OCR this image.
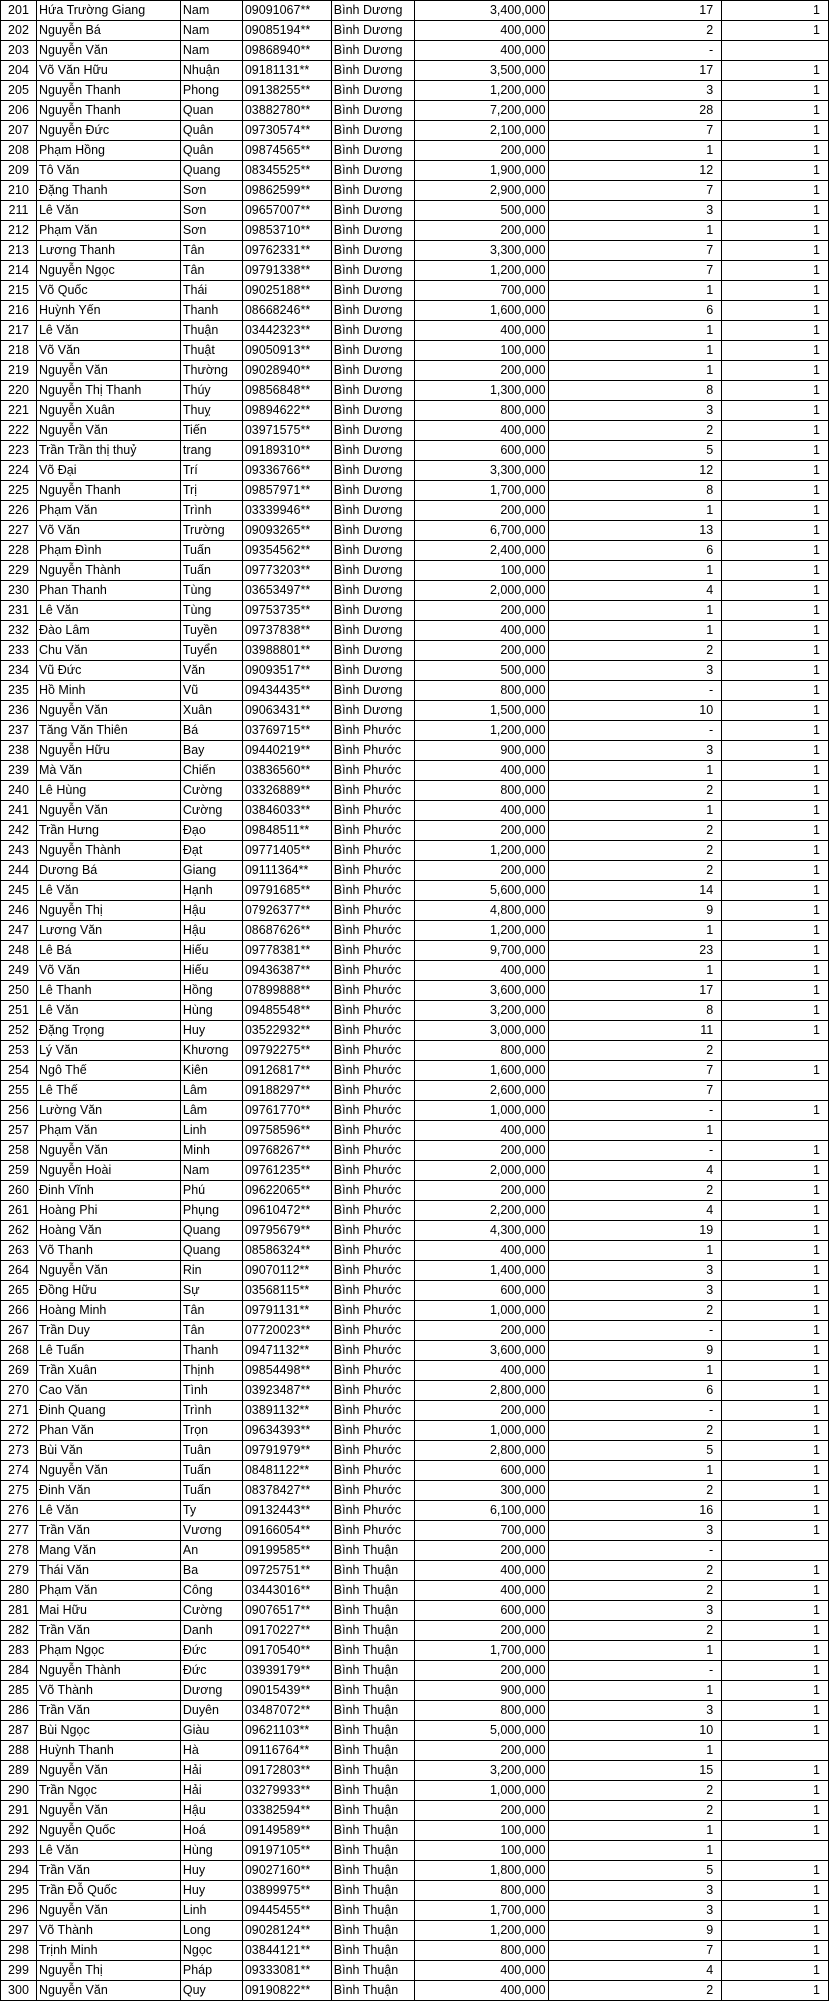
201	Hứa Trường Giang	Nam	09091067**	Bình Dương	3,400,000	17	1
202	Nguyễn Bá	Nam	09085194**	Bình Dương	400,000	2	1
203	Nguyễn Văn	Nam	09868940**	Bình Dương	400,000	-	
204	Võ Văn Hữu	Nhuận	09181131**	Bình Dương	3,500,000	17	1
205	Nguyễn Thanh	Phong	09138255**	Bình Dương	1,200,000	3	1
206	Nguyễn Thanh	Quan	03882780**	Bình Dương	7,200,000	28	1
207	Nguyễn Đức	Quân	09730574**	Bình Dương	2,100,000	7	1
208	Phạm Hồng	Quân	09874565**	Bình Dương	200,000	1	1
209	Tô Văn	Quang	08345525**	Bình Dương	1,900,000	12	1
210	Đặng Thanh	Sơn	09862599**	Bình Dương	2,900,000	7	1
211	Lê Văn	Sơn	09657007**	Bình Dương	500,000	3	1
212	Phạm Văn	Sơn	09853710**	Bình Dương	200,000	1	1
213	Lương Thanh	Tân	09762331**	Bình Dương	3,300,000	7	1
214	Nguyễn Ngọc	Tân	09791338**	Bình Dương	1,200,000	7	1
215	Võ Quốc	Thái	09025188**	Bình Dương	700,000	1	1
216	Huỳnh Yến	Thanh	08668246**	Bình Dương	1,600,000	6	1
217	Lê Văn	Thuận	03442323**	Bình Dương	400,000	1	1
218	Võ Văn	Thuật	09050913**	Bình Dương	100,000	1	1
219	Nguyễn Văn	Thường	09028940**	Bình Dương	200,000	1	1
220	Nguyễn Thị Thanh	Thúy	09856848**	Bình Dương	1,300,000	8	1
221	Nguyễn Xuân	Thuỵ	09894622**	Bình Dương	800,000	3	1
222	Nguyễn Văn	Tiến	03971575**	Bình Dương	400,000	2	1
223	Trần Trần thị thuỷ	trang	09189310**	Bình Dương	600,000	5	1
224	Võ Đại	Trí	09336766**	Bình Dương	3,300,000	12	1
225	Nguyễn Thanh	Trị	09857971**	Bình Dương	1,700,000	8	1
226	Phạm Văn	Trình	03339946**	Bình Dương	200,000	1	1
227	Võ Văn	Trường	09093265**	Bình Dương	6,700,000	13	1
228	Phạm Đình	Tuấn	09354562**	Bình Dương	2,400,000	6	1
229	Nguyễn Thành	Tuấn	09773203**	Bình Dương	100,000	1	1
230	Phan Thanh	Tùng	03653497**	Bình Dương	2,000,000	4	1
231	Lê Văn	Tùng	09753735**	Bình Dương	200,000	1	1
232	Đào Lâm	Tuyền	09737838**	Bình Dương	400,000	1	1
233	Chu Văn	Tuyển	03988801**	Bình Dương	200,000	2	1
234	Vũ Đức	Văn	09093517**	Bình Dương	500,000	3	1
235	Hồ Minh	Vũ	09434435**	Bình Dương	800,000	-	1
236	Nguyễn Văn	Xuân	09063431**	Bình Dương	1,500,000	10	1
237	Tăng Văn Thiên	Bá	03769715**	Bình Phước	1,200,000	-	1
238	Nguyễn Hữu	Bay	09440219**	Bình Phước	900,000	3	1
239	Mà Văn	Chiến	03836560**	Bình Phước	400,000	1	1
240	Lê Hùng	Cường	03326889**	Bình Phước	800,000	2	1
241	Nguyễn Văn	Cường	03846033**	Bình Phước	400,000	1	1
242	Trần Hưng	Đạo	09848511**	Bình Phước	200,000	2	1
243	Nguyễn Thành	Đạt	09771405**	Bình Phước	1,200,000	2	1
244	Dương Bá	Giang	09111364**	Bình Phước	200,000	2	1
245	Lê Văn	Hạnh	09791685**	Bình Phước	5,600,000	14	1
246	Nguyễn Thị	Hậu	07926377**	Bình Phước	4,800,000	9	1
247	Lương Văn	Hậu	08687626**	Bình Phước	1,200,000	1	1
248	Lê Bá	Hiếu	09778381**	Bình Phước	9,700,000	23	1
249	Võ Văn	Hiếu	09436387**	Bình Phước	400,000	1	1
250	Lê Thanh	Hồng	07899888**	Bình Phước	3,600,000	17	1
251	Lê Văn	Hùng	09485548**	Bình Phước	3,200,000	8	1
252	Đặng Trọng	Huy	03522932**	Bình Phước	3,000,000	11	1
253	Lý Văn	Khương	09792275**	Bình Phước	800,000	2	
254	Ngô Thế	Kiên	09126817**	Bình Phước	1,600,000	7	1
255	Lê Thế	Lâm	09188297**	Bình Phước	2,600,000	7	
256	Lường Văn	Lâm	09761770**	Bình Phước	1,000,000	-	1
257	Phạm Văn	Linh	09758596**	Bình Phước	400,000	1	
258	Nguyễn Văn	Minh	09768267**	Bình Phước	200,000	-	1
259	Nguyễn Hoài	Nam	09761235**	Bình Phước	2,000,000	4	1
260	Đinh Vĩnh	Phú	09622065**	Bình Phước	200,000	2	1
261	Hoàng Phi	Phụng	09610472**	Bình Phước	2,200,000	4	1
262	Hoàng Văn	Quang	09795679**	Bình Phước	4,300,000	19	1
263	Võ Thanh	Quang	08586324**	Bình Phước	400,000	1	1
264	Nguyễn Văn	Rin	09070112**	Bình Phước	1,400,000	3	1
265	Đồng Hữu	Sự	03568115**	Bình Phước	600,000	3	1
266	Hoàng Minh	Tân	09791131**	Bình Phước	1,000,000	2	1
267	Trần Duy	Tân	07720023**	Bình Phước	200,000	-	1
268	Lê Tuấn	Thanh	09471132**	Bình Phước	3,600,000	9	1
269	Trần Xuân	Thịnh	09854498**	Bình Phước	400,000	1	1
270	Cao Văn	Tình	03923487**	Bình Phước	2,800,000	6	1
271	Đinh Quang	Trình	03891132**	Bình Phước	200,000	-	1
272	Phan Văn	Trọn	09634393**	Bình Phước	1,000,000	2	1
273	Bùi Văn	Tuân	09791979**	Bình Phước	2,800,000	5	1
274	Nguyễn Văn	Tuấn	08481122**	Bình Phước	600,000	1	1
275	Đinh Văn	Tuấn	08378427**	Bình Phước	300,000	2	1
276	Lê Văn	Ty	09132443**	Bình Phước	6,100,000	16	1
277	Trần Văn	Vương	09166054**	Bình Phước	700,000	3	1
278	Mang Văn	An	09199585**	Bình Thuận	200,000	-	
279	Thái Văn	Ba	09725751**	Bình Thuận	400,000	2	1
280	Phạm Văn	Công	03443016**	Bình Thuận	400,000	2	1
281	Mai Hữu	Cường	09076517**	Bình Thuận	600,000	3	1
282	Trần Văn	Danh	09170227**	Bình Thuận	200,000	2	1
283	Phạm Ngọc	Đức	09170540**	Bình Thuận	1,700,000	1	1
284	Nguyễn Thành	Đức	03939179**	Bình Thuận	200,000	-	1
285	Võ Thành	Dương	09015439**	Bình Thuận	900,000	1	1
286	Trần Văn	Duyên	03487072**	Bình Thuận	800,000	3	1
287	Bùi Ngọc	Giàu	09621103**	Bình Thuận	5,000,000	10	1
288	Huỳnh Thanh	Hà	09116764**	Bình Thuận	200,000	1	
289	Nguyễn Văn	Hải	09172803**	Bình Thuận	3,200,000	15	1
290	Trần Ngọc	Hải	03279933**	Bình Thuận	1,000,000	2	1
291	Nguyễn Văn	Hậu	03382594**	Bình Thuận	200,000	2	1
292	Nguyễn Quốc	Hoá	09149589**	Bình Thuận	100,000	1	1
293	Lê Văn	Hùng	09197105**	Bình Thuận	100,000	1	
294	Trần Văn	Huy	09027160**	Bình Thuận	1,800,000	5	1
295	Trần Đỗ Quốc	Huy	03899975**	Bình Thuận	800,000	3	1
296	Nguyễn Văn	Linh	09445455**	Bình Thuận	1,700,000	3	1
297	Võ Thành	Long	09028124**	Bình Thuận	1,200,000	9	1
298	Trịnh Minh	Ngọc	03844121**	Bình Thuận	800,000	7	1
299	Nguyễn Thị	Pháp	09333081**	Bình Thuận	400,000	4	1
300	Nguyễn Văn	Quy	09190822**	Bình Thuận	400,000	2	1
